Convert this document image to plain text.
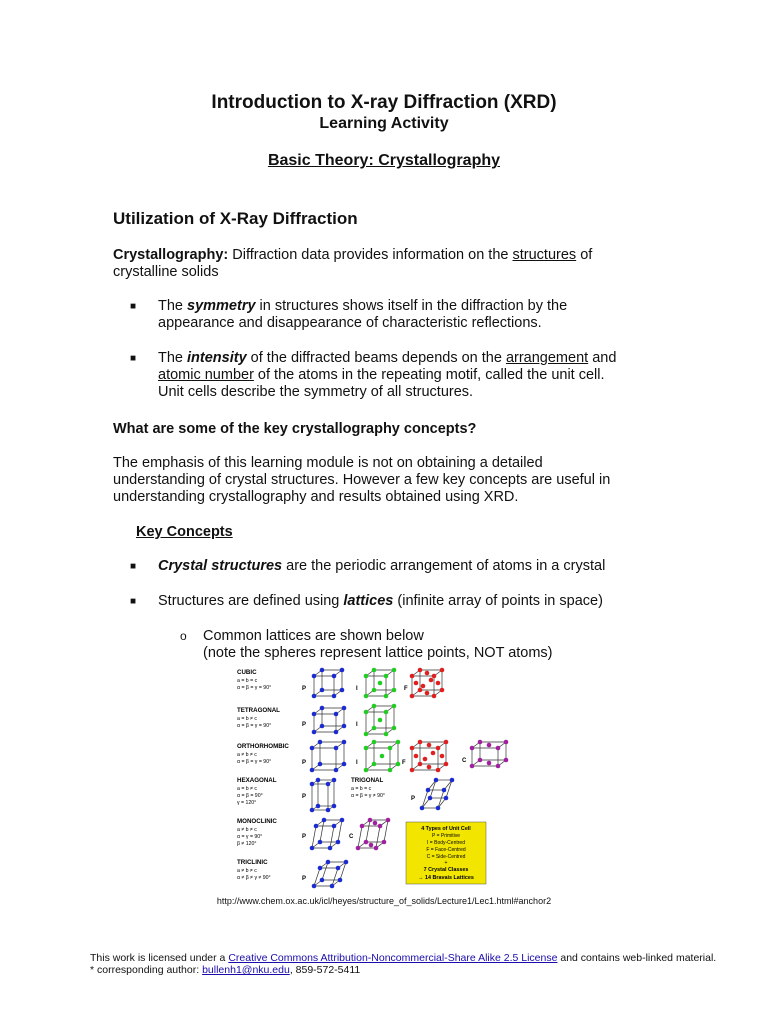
Introduction to X-ray Diffraction (XRD)
Learning Activity
Basic Theory: Crystallography
Utilization of X-Ray Diffraction
Crystallography: Diffraction data provides information on the structures of
crystalline solids
■ The symmetry in structures shows itself in the diffraction by the
appearance and disappearance of characteristic reflections.
■ The intensity of the diffracted beams depends on the arrangement and
atomic number of the atoms in the repeating motif, called the unit cell.
Unit cells describe the symmetry of all structures.
What are some of the key crystallography concepts?
The emphasis of this learning module is not on obtaining a detailed
understanding of crystal structures. However a few key concepts are useful in
understanding crystallography and results obtained using XRD.
Key Concepts
■ Crystal structures are the periodic arrangement of atoms in a crystal
■ Structures are defined using lattices (infinite array of points in space)
o Common lattices are shown below
(note the spheres represent lattice points, NOT atoms)
CUBIC
a = b = c
α = β = γ = 90°
TETRAGONAL
a = b ≠ c
α = β = γ = 90°
ORTHORHOMBIC
a ≠ b ≠ c
α = β = γ = 90°
HEXAGONAL
a = b ≠ c
α = β = 90°
γ = 120°
MONOCLINIC
a ≠ b ≠ c
α = γ = 90°
β ≠ 120°
TRICLINIC
a ≠ b ≠ c
α ≠ β ≠ γ ≠ 90°
TRIGONAL
a = b = c
α = β = γ ≠ 90°
P	I	F
P	I
P	I	F	C
P	P
P	C
P
4 Types of Unit Cell
P = Primitive
I = Body-Centred
F = Face-Centred
C = Side-Centred
+
7 Crystal Classes
→ 14 Bravais Lattices
http://www.chem.ox.ac.uk/icl/heyes/structure_of_solids/Lecture1/Lec1.html#anchor2
This work is licensed under a Creative Commons Attribution-Noncommercial-Share Alike 2.5 License and contains web-linked material.
* corresponding author: bullenh1@nku.edu, 859-572-5411
